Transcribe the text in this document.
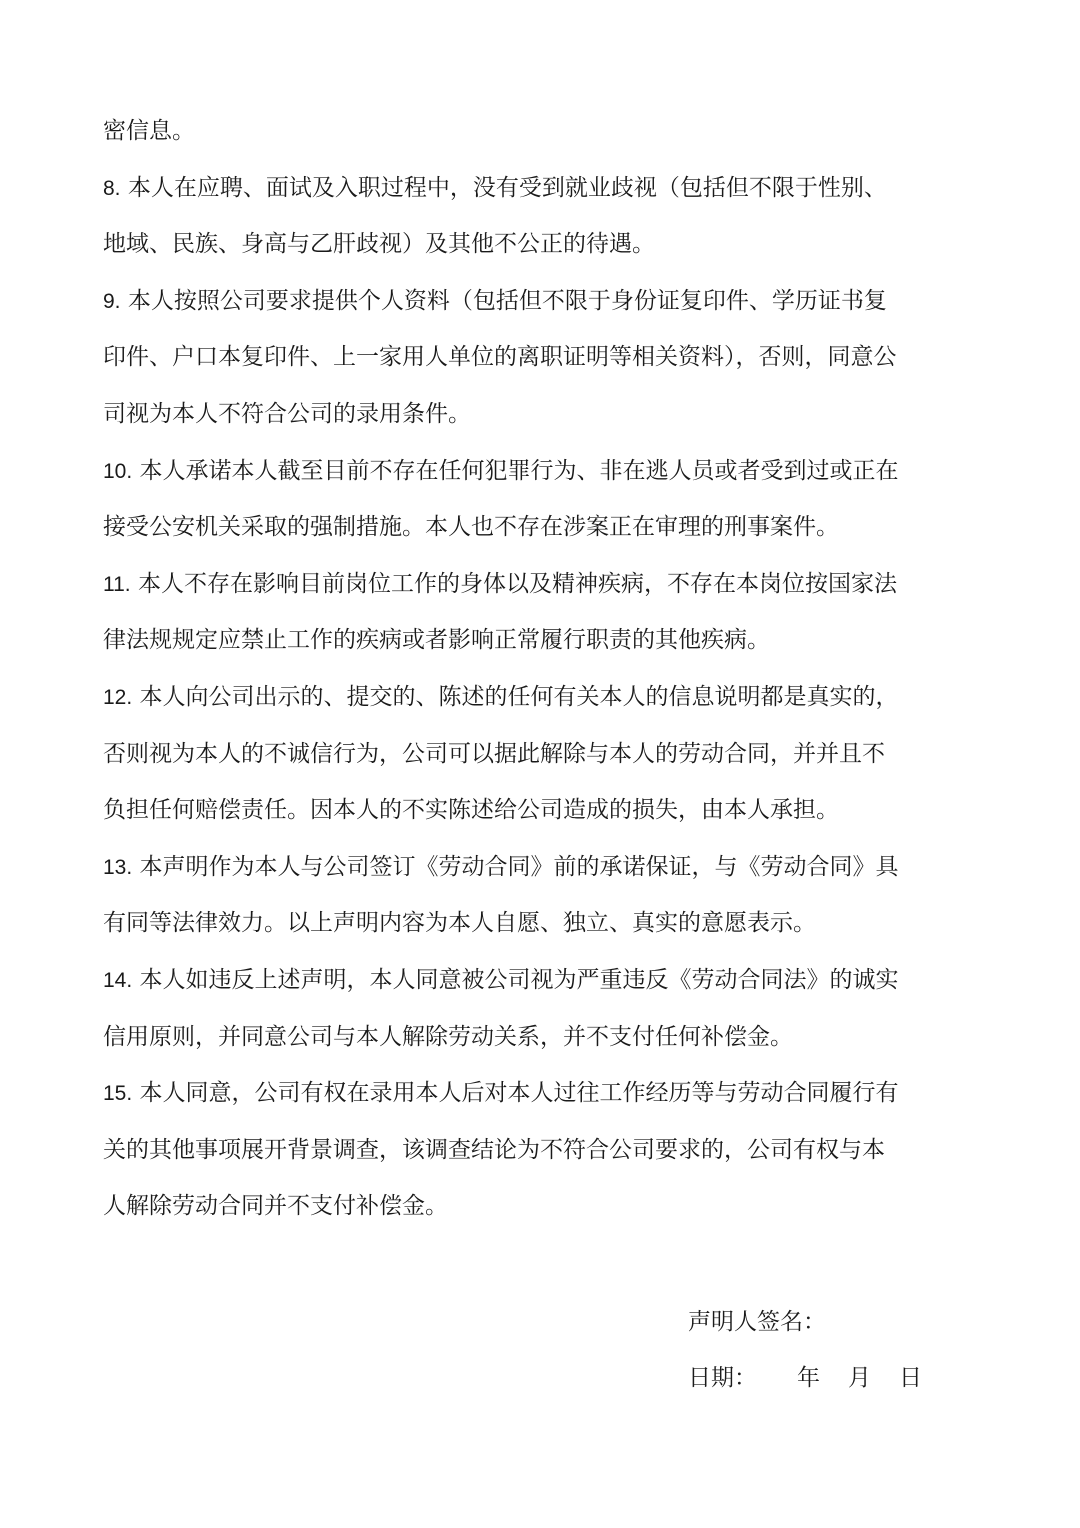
密信息。
8. 本人在应聘、面试及入职过程中，没有受到就业歧视（包括但不限于性别、
地域、民族、身高与乙肝歧视）及其他不公正的待遇。
9. 本人按照公司要求提供个人资料（包括但不限于身份证复印件、学历证书复
印件、户口本复印件、上一家用人单位的离职证明等相关资料），否则，同意公
司视为本人不符合公司的录用条件。
10. 本人承诺本人截至目前不存在任何犯罪行为、非在逃人员或者受到过或正在
接受公安机关采取的强制措施。本人也不存在涉案正在审理的刑事案件。
11. 本人不存在影响目前岗位工作的身体以及精神疾病，不存在本岗位按国家法
律法规规定应禁止工作的疾病或者影响正常履行职责的其他疾病。
12. 本人向公司出示的、提交的、陈述的任何有关本人的信息说明都是真实的，
否则视为本人的不诚信行为，公司可以据此解除与本人的劳动合同，并并且不
负担任何赔偿责任。因本人的不实陈述给公司造成的损失，由本人承担。
13. 本声明作为本人与公司签订《劳动合同》前的承诺保证，与《劳动合同》具
有同等法律效力。以上声明内容为本人自愿、独立、真实的意愿表示。
14. 本人如违反上述声明，本人同意被公司视为严重违反《劳动合同法》的诚实
信用原则，并同意公司与本人解除劳动关系，并不支付任何补偿金。
15. 本人同意，公司有权在录用本人后对本人过往工作经历等与劳动合同履行有
关的其他事项展开背景调查，该调查结论为不符合公司要求的，公司有权与本
人解除劳动合同并不支付补偿金。
声明人签名：
日期： 年 月 日
